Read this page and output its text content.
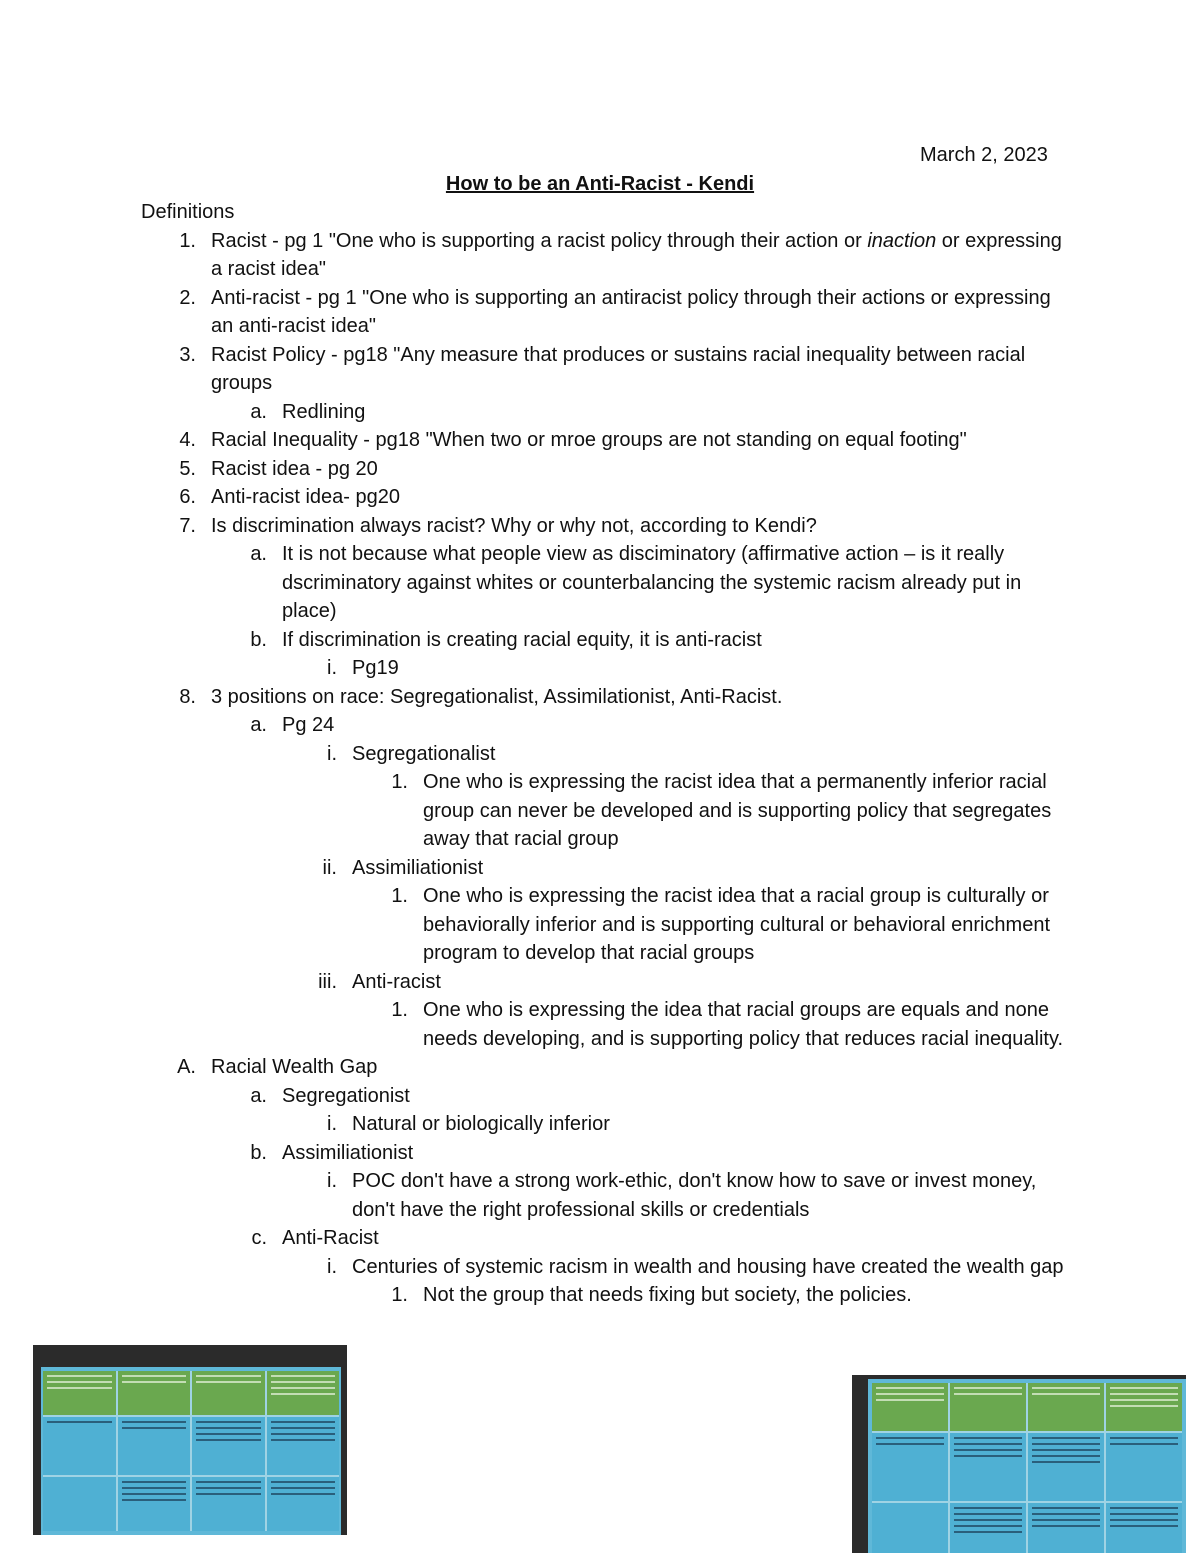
March 2, 2023
How to be an Anti-Racist - Kendi
Definitions
1. Racist - pg 1 "One who is supporting a racist policy through their action or inaction or expressing a racist idea"
2. Anti-racist - pg 1 "One who is supporting an antiracist policy through their actions or expressing an anti-racist idea"
3. Racist Policy - pg18 "Any measure that produces or sustains racial inequality between racial groups
a. Redlining
4. Racial Inequality - pg18 "When two or mroe groups are not standing on equal footing"
5. Racist idea - pg 20
6. Anti-racist idea- pg20
7. Is discrimination always racist? Why or why not, according to Kendi?
a. It is not because what people view as disciminatory (affirmative action – is it really dscriminatory against whites or counterbalancing the systemic racism already put in place)
b. If discrimination is creating racial equity, it is anti-racist
i. Pg19
8. 3 positions on race: Segregationalist, Assimilationist, Anti-Racist.
a. Pg 24
i. Segregationalist
1. One who is expressing the racist idea that a permanently inferior racial group can never be developed and is supporting policy that segregates away that racial group
ii. Assimiliationist
1. One who is expressing the racist idea that a racial group is culturally or behaviorally inferior and is supporting cultural or behavioral enrichment program to develop that racial groups
iii. Anti-racist
1. One who is expressing the idea that racial groups are equals and none needs developing, and is supporting policy that reduces racial inequality.
A. Racial Wealth Gap
a. Segregationist
i. Natural or biologically inferior
b. Assimiliationist
i. POC don't have a strong work-ethic, don't know how to save or invest money, don't have the right professional skills or credentials
c. Anti-Racist
i. Centuries of systemic racism in wealth and housing have created the wealth gap
1. Not the group that needs fixing but society, the policies.
